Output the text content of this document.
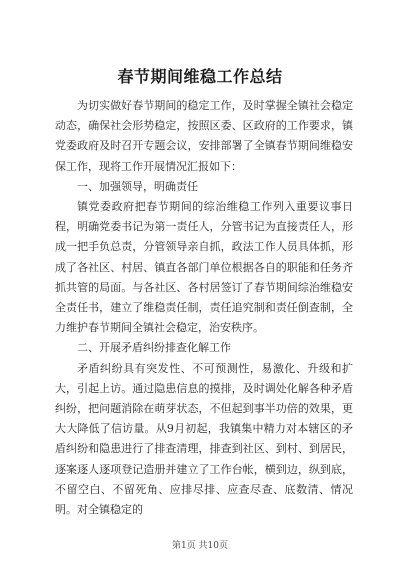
春节期间维稳工作总结

为切实做好春节期间的稳定工作，及时掌握全镇社会稳定动态，确保社会形势稳定，按照区委、区政府的工作要求，镇党委政府及时召开专题会议，安排部署了全镇春节期间维稳安保工作，现将工作开展情况汇报如下：

一、加强领导，明确责任

镇党委政府把春节期间的综治维稳工作列入重要议事日程，明确党委书记为第一责任人，分管书记为直接责任人，形成一把手负总责，分管领导亲自抓，政法工作人员具体抓，形成了各社区、村居、镇直各部门单位根据各自的职能和任务齐抓共管的局面。与各社区、各村居签订了春节期间综治维稳安全责任书，建立了维稳责任制，责任追究制和责任倒查制，全力维护春节期间全镇社会稳定，治安秩序。

二、开展矛盾纠纷排查化解工作

矛盾纠纷具有突发性、不可预测性，易激化、升级和扩大，引起上访。通过隐患信息的摸排，及时调处化解各种矛盾纠纷，把问题消除在萌芽状态，不但起到事半功倍的效果，更大大降低了信访量。从9月初起，我镇集中精力对本辖区的矛盾纠纷和隐患进行了排查清理，排查到社区、到村、到居民，逐案逐人逐项登记造册并建立了工作台帐，横到边，纵到底，不留空白、不留死角、应排尽排、应查尽查、底数清、情况明。对全镇稳定的

第1页 共10页
